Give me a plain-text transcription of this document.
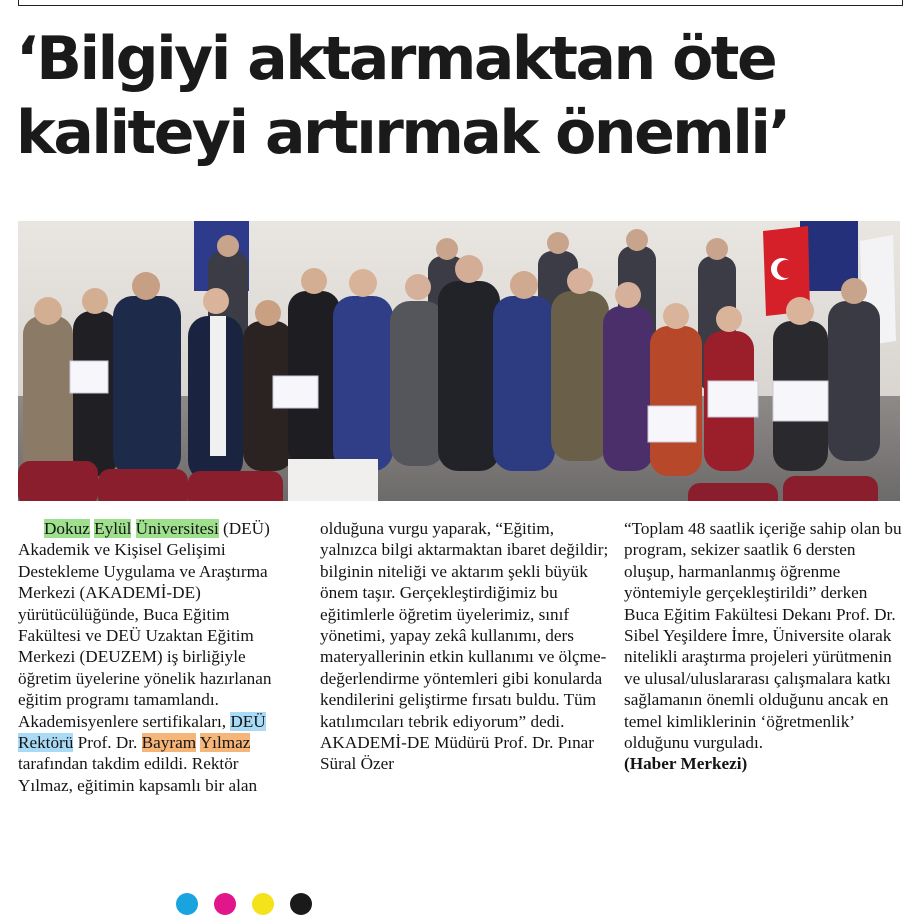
‘Bilgiyi aktarmaktan öte
kaliteyi artırmak önemli’

Dokuz Eylül Üniversitesi (DEÜ) Akademik ve Kişisel Gelişimi Destekleme Uygulama ve Araştırma Merkezi (AKADEMİ-DE) yürütücülüğünde, Buca Eğitim Fakültesi ve DEÜ Uzaktan Eğitim Merkezi (DEUZEM) iş birliğiyle öğretim üyelerine yönelik hazırlanan eğitim programı tamamlandı. Akademisyenlere sertifikaları, DEÜ Rektörü Prof. Dr. Bayram Yılmaz tarafından takdim edildi. Rektör Yılmaz, eğitimin kapsamlı bir alan

olduğuna vurgu yaparak, “Eğitim, yalnızca bilgi aktarmaktan ibaret değildir; bilginin niteliği ve aktarım şekli büyük önem taşır. Gerçekleştirdiğimiz bu eğitimlerle öğretim üyelerimiz, sınıf yönetimi, yapay zekâ kullanımı, ders materyallerinin etkin kullanımı ve ölçme-değerlendirme yöntemleri gibi konularda kendilerini geliştirme fırsatı buldu. Tüm katılımcıları tebrik ediyorum” dedi. AKADEMİ-DE Müdürü Prof. Dr. Pınar Süral Özer

“Toplam 48 saatlik içeriğe sahip olan bu program, sekizer saatlik 6 dersten oluşup, harmanlanmış öğrenme yöntemiyle gerçekleştirildi” derken Buca Eğitim Fakültesi Dekanı Prof. Dr. Sibel Yeşildere İmre, Üniversite olarak nitelikli araştırma projeleri yürütmenin ve ulusal/uluslararası çalışmalara katkı sağlamanın önemli olduğunu ancak en temel kimliklerinin ‘öğretmenlik’ olduğunu vurguladı.
(Haber Merkezi)
